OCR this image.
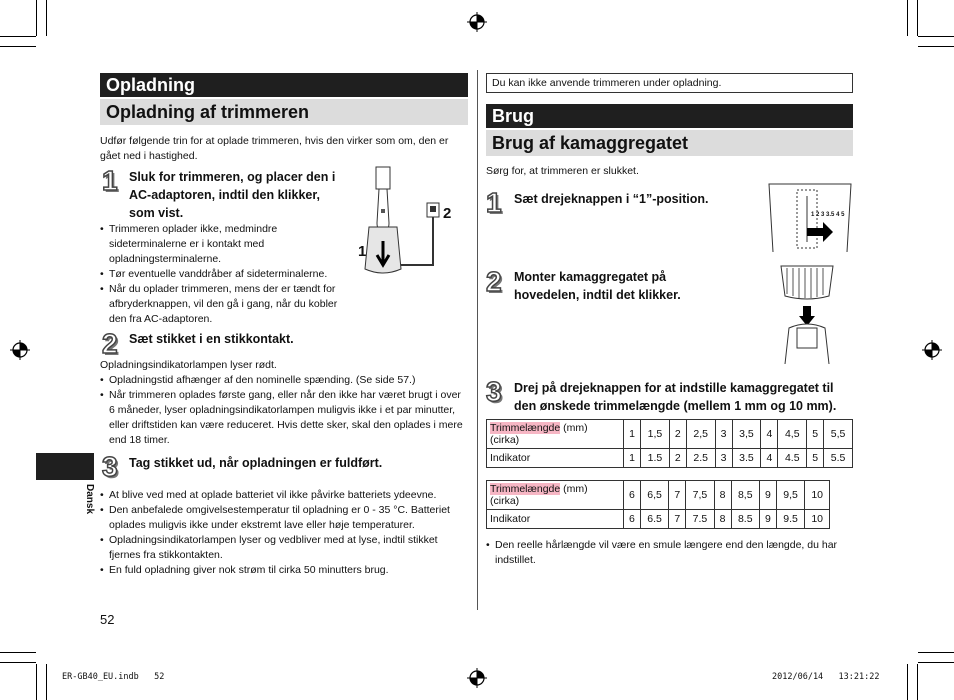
Opladning
Opladning af trimmeren
Udfør følgende trin for at oplade trimmeren, hvis den virker som om, den er gået ned i hastighed.
1 Sluk for trimmeren, og placer den i AC-adaptoren, indtil den klikker, som vist.
• Trimmeren oplader ikke, medmindre sideterminalerne er i kontakt med opladningsterminalerne.
• Tør eventuelle vanddråber af sideterminalerne.
• Når du oplader trimmeren, mens der er tændt for afbryderknappen, vil den gå i gang, når du kobler den fra AC-adaptoren.
1
2
2 Sæt stikket i en stikkontakt.
Opladningsindikatorlampen lyser rødt.
• Opladningstid afhænger af den nominelle spænding. (Se side 57.)
• Når trimmeren oplades første gang, eller når den ikke har været brugt i over 6 måneder, lyser opladningsindikatorlampen muligvis ikke i et par minutter, eller driftstiden kan være reduceret. Hvis dette sker, skal den oplades i mere end 18 timer.
Dansk
3 Tag stikket ud, når opladningen er fuldført.
• At blive ved med at oplade batteriet vil ikke påvirke batteriets ydeevne.
• Den anbefalede omgivelsestemperatur til opladning er 0 - 35 °C. Batteriet oplades muligvis ikke under ekstremt lave eller høje temperaturer.
• Opladningsindikatorlampen lyser og vedbliver med at lyse, indtil stikket fjernes fra stikkontakten.
• En fuld opladning giver nok strøm til cirka 50 minutters brug.
52
Du kan ikke anvende trimmeren under opladning.
Brug
Brug af kamaggregatet
Sørg for, at trimmeren er slukket.
1 Sæt drejeknappen i “1”-position.
1 2 3 3.5 4 5
2 Monter kamaggregatet på hovedelen, indtil det klikker.
3 Drej på drejeknappen for at indstille kamaggregatet til den ønskede trimmelængde (mellem 1 mm og 10 mm).
Trimmelængde (mm)
(cirka)	1	1,5	2	2,5	3	3,5	4	4,5	5	5,5
Indikator	1	1.5	2	2.5	3	3.5	4	4.5	5	5.5
Trimmelængde (mm)
(cirka)	6	6,5	7	7,5	8	8,5	9	9,5	10
Indikator	6	6.5	7	7.5	8	8.5	9	9.5	10
• Den reelle hårlængde vil være en smule længere end den længde, du har indstillet.
ER-GB40_EU.indb   52	2012/06/14   13:21:22
